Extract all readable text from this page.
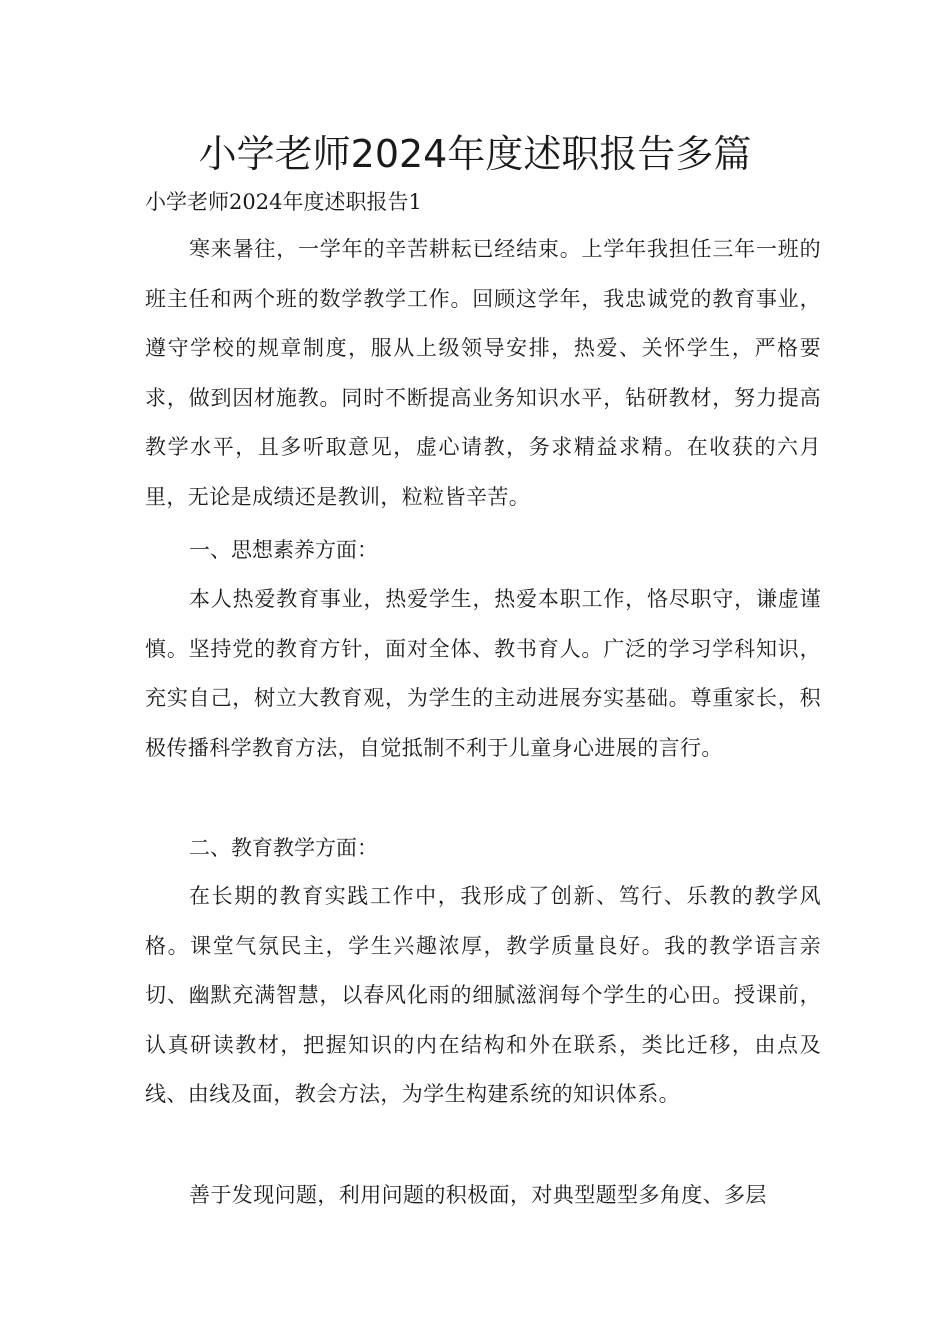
小学老师2024年度述职报告多篇

小学老师2024年度述职报告1

寒来暑往，一学年的辛苦耕耘已经结束。上学年我担任三年一班的班主任和两个班的数学教学工作。回顾这学年，我忠诚党的教育事业，遵守学校的规章制度，服从上级领导安排，热爱、关怀学生，严格要求，做到因材施教。同时不断提高业务知识水平，钻研教材，努力提高教学水平，且多听取意见，虚心请教，务求精益求精。在收获的六月里，无论是成绩还是教训，粒粒皆辛苦。

一、思想素养方面：

本人热爱教育事业，热爱学生，热爱本职工作，恪尽职守，谦虚谨慎。坚持党的教育方针，面对全体、教书育人。广泛的学习学科知识，充实自己，树立大教育观，为学生的主动进展夯实基础。尊重家长，积极传播科学教育方法，自觉抵制不利于儿童身心进展的言行。

二、教育教学方面：

在长期的教育实践工作中，我形成了创新、笃行、乐教的教学风格。课堂气氛民主，学生兴趣浓厚，教学质量良好。我的教学语言亲切、幽默充满智慧，以春风化雨的细腻滋润每个学生的心田。授课前，认真研读教材，把握知识的内在结构和外在联系，类比迁移，由点及线、由线及面，教会方法，为学生构建系统的知识体系。

善于发现问题，利用问题的积极面，对典型题型多角度、多层
